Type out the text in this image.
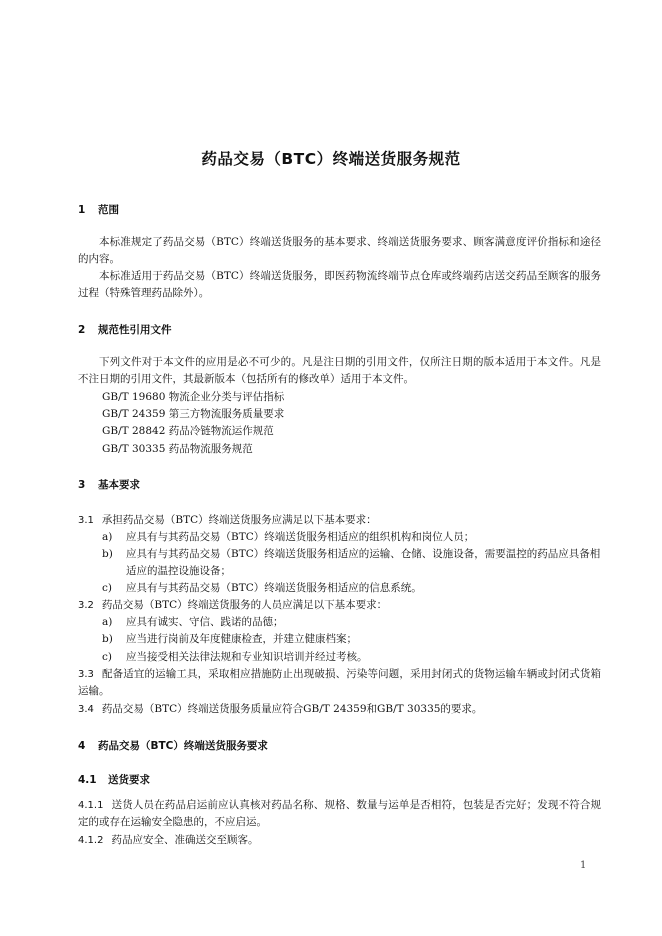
药品交易（BTC）终端送货服务规范
1 范围
本标准规定了药品交易（BTC）终端送货服务的基本要求、终端送货服务要求、顾客满意度评价指标和途径的内容。
本标准适用于药品交易（BTC）终端送货服务，即医药物流终端节点仓库或终端药店送交药品至顾客的服务过程（特殊管理药品除外）。
2 规范性引用文件
下列文件对于本文件的应用是必不可少的。凡是注日期的引用文件，仅所注日期的版本适用于本文件。凡是不注日期的引用文件，其最新版本（包括所有的修改单）适用于本文件。
GB/T 19680 物流企业分类与评估指标
GB/T 24359 第三方物流服务质量要求
GB/T 28842 药品冷链物流运作规范
GB/T 30335 药品物流服务规范
3 基本要求
3.1 承担药品交易（BTC）终端送货服务应满足以下基本要求：
a) 应具有与其药品交易（BTC）终端送货服务相适应的组织机构和岗位人员；
b)	应具有与其药品交易（BTC）终端送货服务相适应的运输、仓储、设施设备，需要温控的药品应具备相适应的温控设施设备；
c) 应具有与其药品交易（BTC）终端送货服务相适应的信息系统。
3.2 药品交易（BTC）终端送货服务的人员应满足以下基本要求：
a) 应具有诚实、守信、践诺的品德；
b) 应当进行岗前及年度健康检查，并建立健康档案；
c) 应当接受相关法律法规和专业知识培训并经过考核。
3.3 配备适宜的运输工具，采取相应措施防止出现破损、污染等问题，采用封闭式的货物运输车辆或封闭式货箱运输。
3.4 药品交易（BTC）终端送货服务质量应符合GB/T 24359和GB/T 30335的要求。
4 药品交易（BTC）终端送货服务要求
4.1 送货要求
4.1.1 送货人员在药品启运前应认真核对药品名称、规格、数量与运单是否相符，包装是否完好；发现不符合规定的或存在运输安全隐患的，不应启运。
4.1.2 药品应安全、准确送交至顾客。
1
